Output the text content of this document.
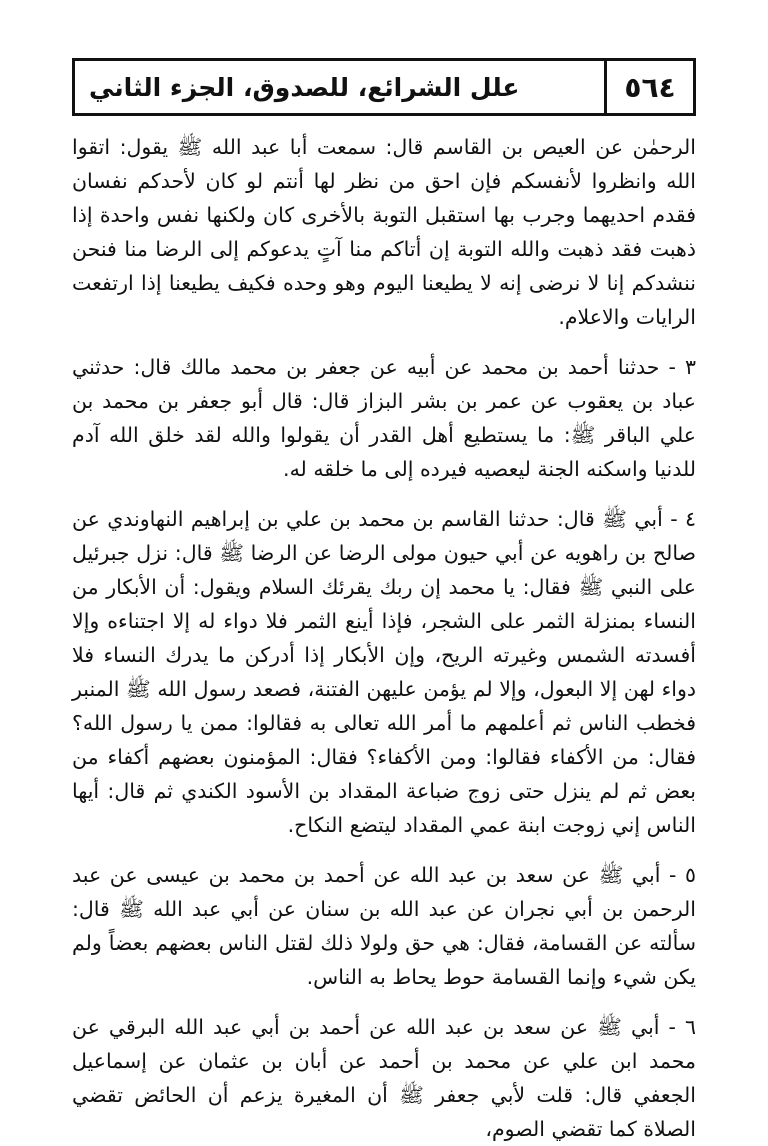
٥٦٤
علل الشرائع، للصدوق، الجزء الثاني

الرحمٰن عن العيص بن القاسم قال: سمعت أبا عبد الله ﷺ يقول: اتقوا الله وانظروا لأنفسكم فإن احق من نظر لها أنتم لو كان لأحدكم نفسان فقدم احديهما وجرب بها استقبل التوبة بالأخرى كان ولكنها نفس واحدة إذا ذهبت فقد ذهبت والله التوبة إن أتاكم منا آتٍ يدعوكم إلى الرضا منا فنحن ننشدكم إنا لا نرضى إنه لا يطيعنا اليوم وهو وحده فكيف يطيعنا إذا ارتفعت الرايات والاعلام.

٣ - حدثنا أحمد بن محمد عن أبيه عن جعفر بن محمد مالك قال: حدثني عباد بن يعقوب عن عمر بن بشر البزاز قال: قال أبو جعفر بن محمد بن علي الباقر ﷺ: ما يستطيع أهل القدر أن يقولوا والله لقد خلق الله آدم للدنيا واسكنه الجنة ليعصيه فيرده إلى ما خلقه له.

٤ - أبي ﷺ قال: حدثنا القاسم بن محمد بن علي بن إبراهيم النهاوندي عن صالح بن راهويه عن أبي حيون مولى الرضا عن الرضا ﷺ قال: نزل جبرئيل على النبي ﷺ فقال: يا محمد إن ربك يقرئك السلام ويقول: أن الأبكار من النساء بمنزلة الثمر على الشجر، فإذا أينع الثمر فلا دواء له إلا اجتناءه وإلا أفسدته الشمس وغيرته الريح، وإن الأبكار إذا أدركن ما يدرك النساء فلا دواء لهن إلا البعول، وإلا لم يؤمن عليهن الفتنة، فصعد رسول الله ﷺ المنبر فخطب الناس ثم أعلمهم ما أمر الله تعالى به فقالوا: ممن يا رسول الله؟ فقال: من الأكفاء فقالوا: ومن الأكفاء؟ فقال: المؤمنون بعضهم أكفاء من بعض ثم لم ينزل حتى زوج ضباعة المقداد بن الأسود الكندي ثم قال: أيها الناس إني زوجت ابنة عمي المقداد ليتضع النكاح.

٥ - أبي ﷺ عن سعد بن عبد الله عن أحمد بن محمد بن عيسى عن عبد الرحمن بن أبي نجران عن عبد الله بن سنان عن أبي عبد الله ﷺ قال: سألته عن القسامة، فقال: هي حق ولولا ذلك لقتل الناس بعضهم بعضاً ولم يكن شيء وإنما القسامة حوط يحاط به الناس.

٦ - أبي ﷺ عن سعد بن عبد الله عن أحمد بن أبي عبد الله البرقي عن محمد ابن علي عن محمد بن أحمد عن أبان بن عثمان عن إسماعيل الجعفي قال: قلت لأبي جعفر ﷺ أن المغيرة يزعم أن الحائض تقضي الصلاة كما تقضي الصوم،
